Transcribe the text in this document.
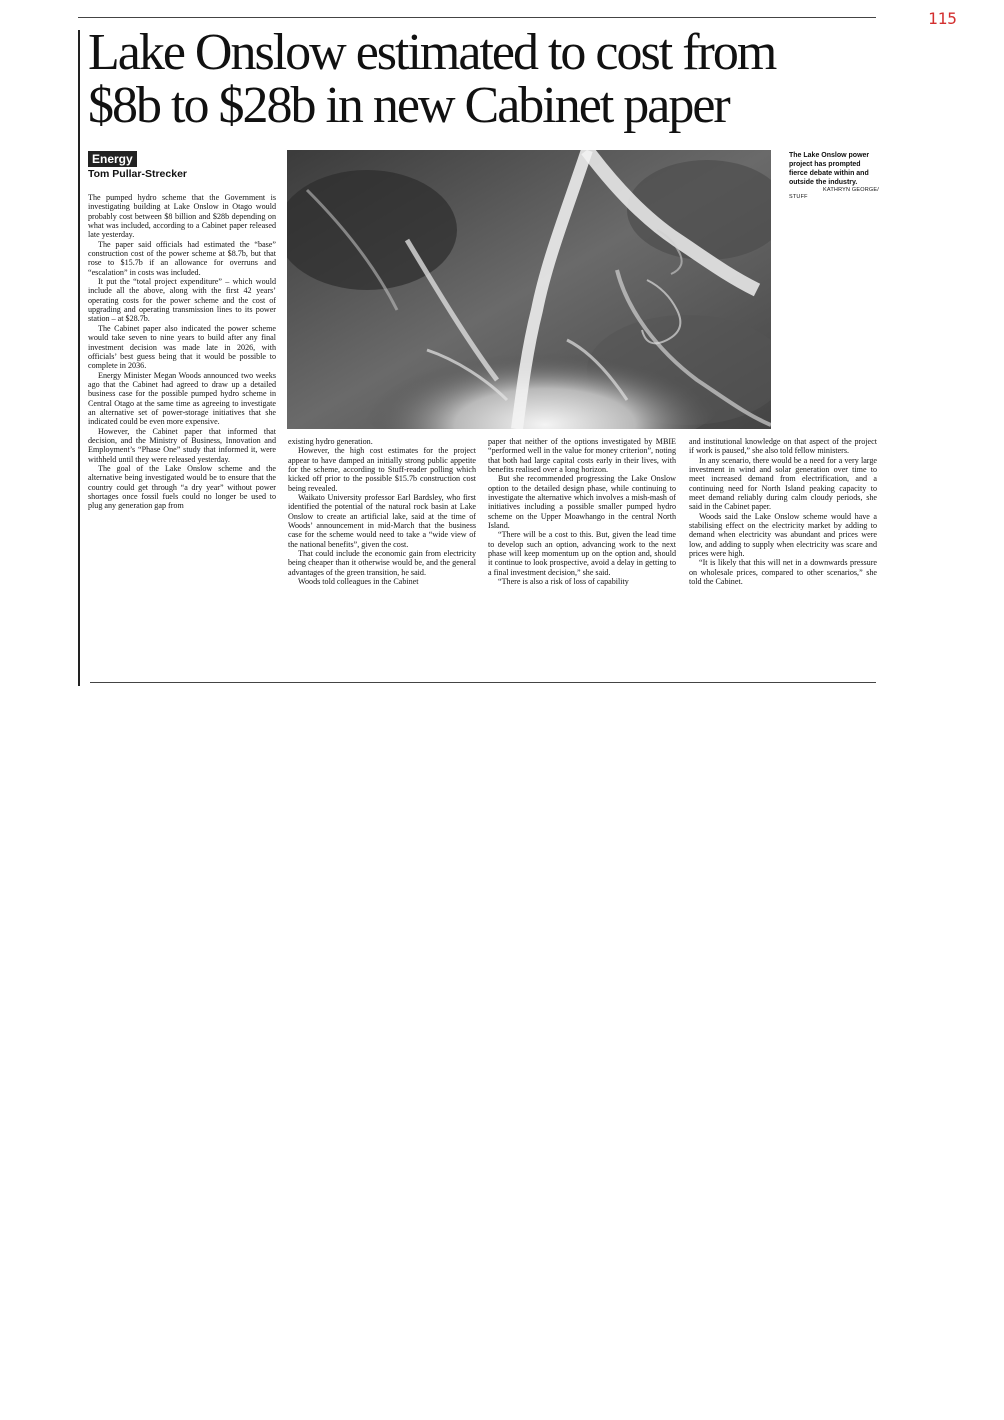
115
Lake Onslow estimated to cost from
$8b to $28b in new Cabinet paper
Energy
Tom Pullar-Strecker
The Lake Onslow power project has prompted fierce debate within and outside the industry.
KATHRYN GEORGE/
STUFF

The pumped hydro scheme that the Government is investigating building at Lake Onslow in Otago would probably cost between $8 billion and $28b depending on what was included, according to a Cabinet paper released late yesterday.

The paper said officials had estimated the “base” construction cost of the power scheme at $8.7b, but that rose to $15.7b if an allowance for overruns and “escalation” in costs was included.

It put the “total project expenditure” – which would include all the above, along with the first 42 years’ operating costs for the power scheme and the cost of upgrading and operating transmission lines to its power station – at $28.7b.

The Cabinet paper also indicated the power scheme would take seven to nine years to build after any final investment decision was made late in 2026, with officials’ best guess being that it would be possible to complete in 2036.

Energy Minister Megan Woods announced two weeks ago that the Cabinet had agreed to draw up a detailed business case for the possible pumped hydro scheme in Central Otago at the same time as agreeing to investigate an alternative set of power-storage initiatives that she indicated could be even more expensive.

However, the Cabinet paper that informed that decision, and the Ministry of Business, Innovation and Employment’s “Phase One” study that informed it, were withheld until they were released yesterday.

The goal of the Lake Onslow scheme and the alternative being investigated would be to ensure that the country could get through “a dry year” without power shortages once fossil fuels could no longer be used to plug any generation gap from

existing hydro generation.

However, the high cost estimates for the project appear to have damped an initially strong public appetite for the scheme, according to Stuff-reader polling which kicked off prior to the possible $15.7b construction cost being revealed.

Waikato University professor Earl Bardsley, who first identified the potential of the natural rock basin at Lake Onslow to create an artificial lake, said at the time of Woods’ announcement in mid-March that the business case for the scheme would need to take a “wide view of the national benefits”, given the cost.

That could include the economic gain from electricity being cheaper than it otherwise would be, and the general advantages of the green transition, he said.

Woods told colleagues in the Cabinet

paper that neither of the options investigated by MBIE “performed well in the value for money criterion”, noting that both had large capital costs early in their lives, with benefits realised over a long horizon.

But she recommended progressing the Lake Onslow option to the detailed design phase, while continuing to investigate the alternative which involves a mish-mash of initiatives including a possible smaller pumped hydro scheme on the Upper Moawhango in the central North Island.

“There will be a cost to this. But, given the lead time to develop such an option, advancing work to the next phase will keep momentum up on the option and, should it continue to look prospective, avoid a delay in getting to a final investment decision,” she said.

“There is also a risk of loss of capability

and institutional knowledge on that aspect of the project if work is paused,” she also told fellow ministers.

In any scenario, there would be a need for a very large investment in wind and solar generation over time to meet increased demand from electrification, and a continuing need for North Island peaking capacity to meet demand reliably during calm cloudy periods, she said in the Cabinet paper.

Woods said the Lake Onslow scheme would have a stabilising effect on the electricity market by adding to demand when electricity was abundant and prices were low, and adding to supply when electricity was scare and prices were high.

“It is likely that this will net in a downwards pressure on wholesale prices, compared to other scenarios,” she told the Cabinet.
